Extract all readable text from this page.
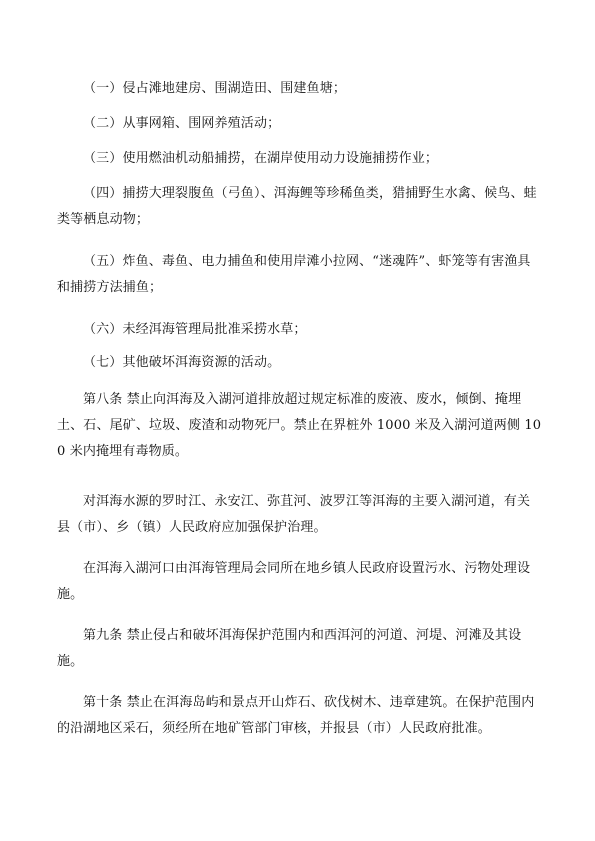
（一）侵占滩地建房、围湖造田、围建鱼塘；

（二）从事网箱、围网养殖活动；

（三）使用燃油机动船捕捞，在湖岸使用动力设施捕捞作业；

（四）捕捞大理裂腹鱼（弓鱼）、洱海鲤等珍稀鱼类，猎捕野生水禽、候鸟、蛙类等栖息动物；

（五）炸鱼、毒鱼、电力捕鱼和使用岸滩小拉网、“迷魂阵”、虾笼等有害渔具和捕捞方法捕鱼；

（六）未经洱海管理局批准采捞水草；

（七）其他破坏洱海资源的活动。

第八条 禁止向洱海及入湖河道排放超过规定标准的废液、废水，倾倒、掩埋土、石、尾矿、垃圾、废渣和动物死尸。禁止在界桩外 1000 米及入湖河道两侧 100 米内掩埋有毒物质。

对洱海水源的罗时江、永安江、弥苴河、波罗江等洱海的主要入湖河道，有关县（市）、乡（镇）人民政府应加强保护治理。

在洱海入湖河口由洱海管理局会同所在地乡镇人民政府设置污水、污物处理设施。

第九条 禁止侵占和破坏洱海保护范围内和西洱河的河道、河堤、河滩及其设施。

第十条 禁止在洱海岛屿和景点开山炸石、砍伐树木、违章建筑。在保护范围内的沿湖地区采石，须经所在地矿管部门审核，并报县（市）人民政府批准。
